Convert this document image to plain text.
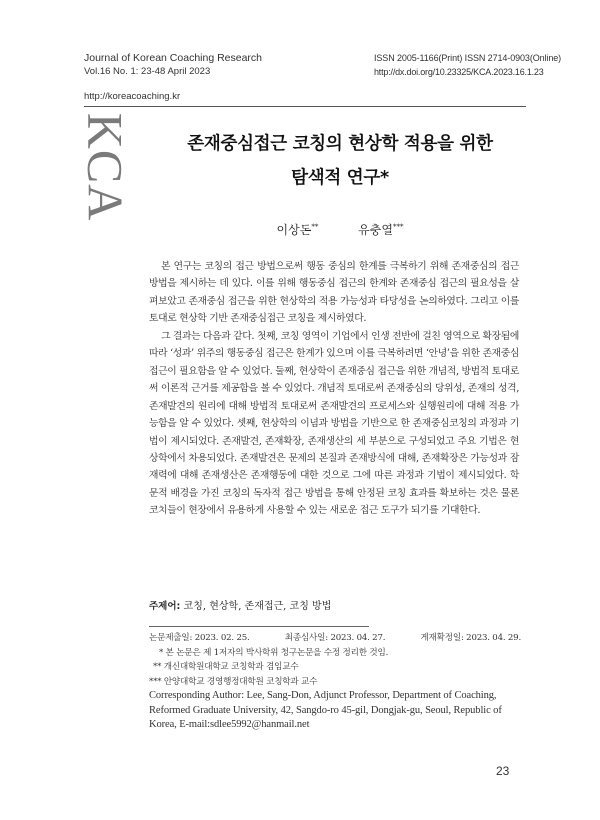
Journal of Korean Coaching Research
Vol.16 No. 1: 23-48 April 2023
ISSN 2005-1166(Print) ISSN 2714-0903(Online)
http://dx.doi.org/10.23325/KCA.2023.16.1.23
http://koreacoaching.kr
KCA	존재중심접근 코칭의 현상학 적용을 위한
탐색적 연구*
이상돈**	유충열***

본 연구는 코칭의 접근 방법으로써 행동 중심의 한계를 극복하기 위해 존재중심의 접근 방법을 제시하는 데 있다. 이를 위해 행동중심 접근의 한계와 존재중심 접근의 필요성을 살펴보았고 존재중심 접근을 위한 현상학의 적용 가능성과 타당성을 논의하였다. 그리고 이를 토대로 현상학 기반 존재중심접근 코칭을 제시하였다.

그 결과는 다음과 같다. 첫째, 코칭 영역이 기업에서 인생 전반에 걸친 영역으로 확장됨에 따라 ‘성과’ 위주의 행동중심 접근은 한계가 있으며 이를 극복하려면 ‘안녕’을 위한 존재중심 접근이 필요함을 알 수 있었다. 둘째, 현상학이 존재중심 접근을 위한 개념적, 방법적 토대로써 이론적 근거를 제공함을 볼 수 있었다. 개념적 토대로써 존재중심의 당위성, 존재의 성격, 존재발견의 원리에 대해 방법적 토대로써 존재발견의 프로세스와 실행원리에 대해 적용 가능함을 알 수 있었다. 셋째, 현상학의 이념과 방법을 기반으로 한 존재중심코칭의 과정과 기법이 제시되었다. 존재발견, 존재확장, 존재생산의 세 부분으로 구성되었고 주요 기법은 현상학에서 차용되었다. 존재발견은 문제의 본질과 존재방식에 대해, 존재확장은 가능성과 잠재력에 대해 존재생산은 존재행동에 대한 것으로 그에 따른 과정과 기법이 제시되었다. 학문적 배경을 가진 코칭의 독자적 접근 방법을 통해 안정된 코칭 효과를 확보하는 것은 물론 코치들이 현장에서 유용하게 사용할 수 있는 새로운 접근 도구가 되기를 기대한다.

주제어: 코칭, 현상학, 존재접근, 코칭 방법
논문제출일: 2023. 02. 25.	최종심사일: 2023. 04. 27.	게재확정일: 2023. 04. 29.
* 본 논문은 제 1저자의 박사학위 청구논문을 수정 정리한 것임.
** 개신대학원대학교 코칭학과 겸임교수
*** 안양대학교 경영행정대학원 코칭학과 교수
Corresponding Author: Lee, Sang-Don, Adjunct Professor, Department of Coaching, Reformed Graduate University, 42, Sangdo-ro 45-gil, Dongjak-gu, Seoul, Republic of Korea, E-mail:sdlee5992@hanmail.net
23
